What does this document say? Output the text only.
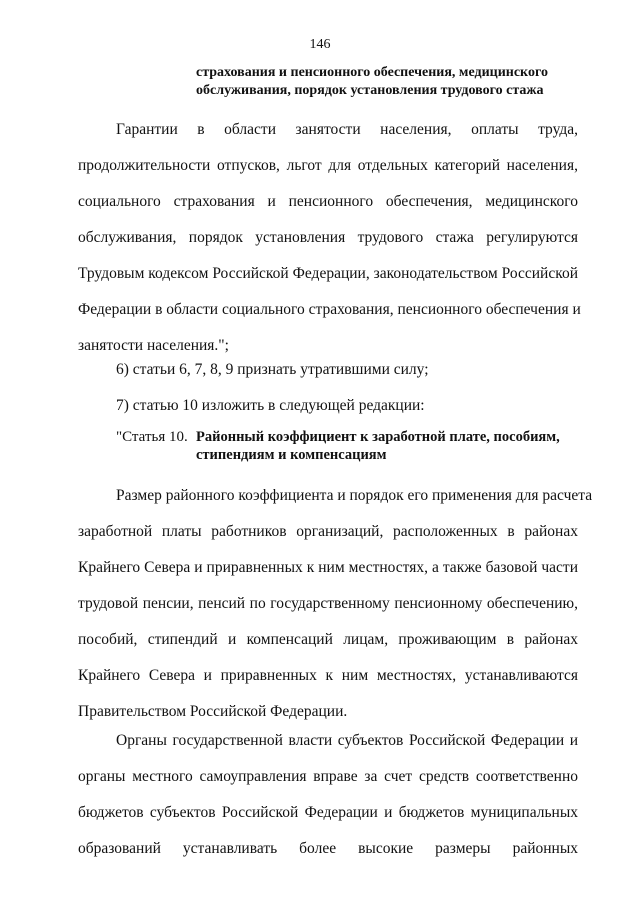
146
страхования и пенсионного обеспечения, медицинского
обслуживания, порядок установления трудового стажа
Гарантии в области занятости населения, оплаты труда,
продолжительности отпусков, льгот для отдельных категорий населения,
социального страхования и пенсионного обеспечения, медицинского
обслуживания, порядок установления трудового стажа регулируются
Трудовым кодексом Российской Федерации, законодательством Российской
Федерации в области социального страхования, пенсионного обеспечения и
занятости населения.";
6) статьи 6, 7, 8, 9 признать утратившими силу;
7) статью 10 изложить в следующей редакции:
"Статья 10. Районный коэффициент к заработной плате, пособиям,
стипендиям и компенсациям
Размер районного коэффициента и порядок его применения для расчета
заработной платы работников организаций, расположенных в районах
Крайнего Севера и приравненных к ним местностях, а также базовой части
трудовой пенсии, пенсий по государственному пенсионному обеспечению,
пособий, стипендий и компенсаций лицам, проживающим в районах
Крайнего Севера и приравненных к ним местностях, устанавливаются
Правительством Российской Федерации.
Органы государственной власти субъектов Российской Федерации и
органы местного самоуправления вправе за счет средств соответственно
бюджетов субъектов Российской Федерации и бюджетов муниципальных
образований устанавливать более высокие размеры районных
